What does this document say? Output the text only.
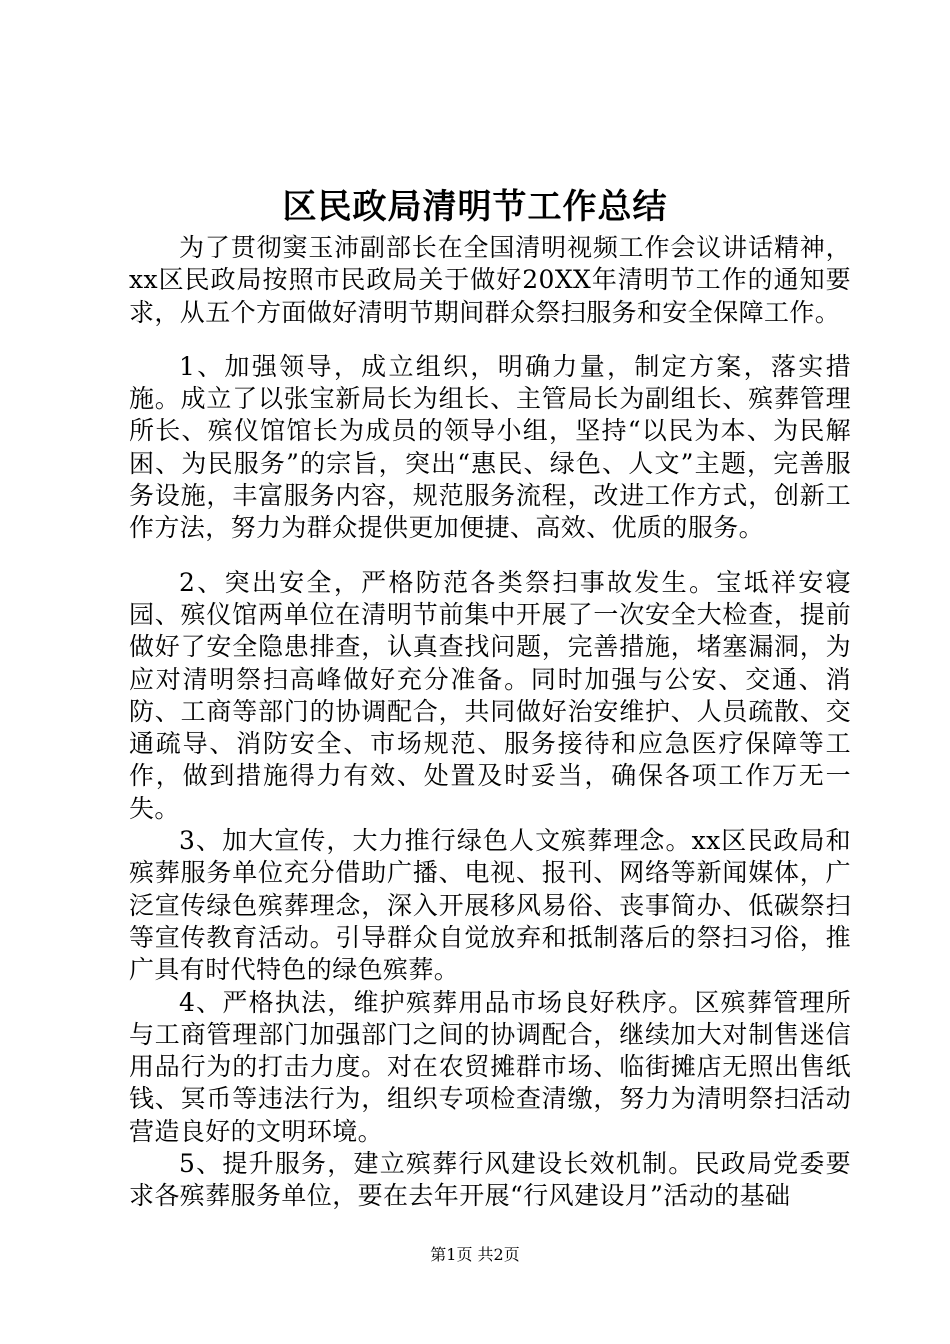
区民政局清明节工作总结

为了贯彻窦玉沛副部长在全国清明视频工作会议讲话精神，xx区民政局按照市民政局关于做好20XX年清明节工作的通知要求，从五个方面做好清明节期间群众祭扫服务和安全保障工作。

1、加强领导，成立组织，明确力量，制定方案，落实措施。成立了以张宝新局长为组长、主管局长为副组长、殡葬管理所长、殡仪馆馆长为成员的领导小组，坚持“以民为本、为民解困、为民服务”的宗旨，突出“惠民、绿色、人文”主题，完善服务设施，丰富服务内容，规范服务流程，改进工作方式，创新工作方法，努力为群众提供更加便捷、高效、优质的服务。

2、突出安全，严格防范各类祭扫事故发生。宝坻祥安寝园、殡仪馆两单位在清明节前集中开展了一次安全大检查，提前做好了安全隐患排查，认真查找问题，完善措施，堵塞漏洞，为应对清明祭扫高峰做好充分准备。同时加强与公安、交通、消防、工商等部门的协调配合，共同做好治安维护、人员疏散、交通疏导、消防安全、市场规范、服务接待和应急医疗保障等工作，做到措施得力有效、处置及时妥当，确保各项工作万无一失。

3、加大宣传，大力推行绿色人文殡葬理念。xx区民政局和殡葬服务单位充分借助广播、电视、报刊、网络等新闻媒体，广泛宣传绿色殡葬理念，深入开展移风易俗、丧事简办、低碳祭扫等宣传教育活动。引导群众自觉放弃和抵制落后的祭扫习俗，推广具有时代特色的绿色殡葬。

4、严格执法，维护殡葬用品市场良好秩序。区殡葬管理所与工商管理部门加强部门之间的协调配合，继续加大对制售迷信用品行为的打击力度。对在农贸摊群市场、临街摊店无照出售纸钱、冥币等违法行为，组织专项检查清缴，努力为清明祭扫活动营造良好的文明环境。

5、提升服务，建立殡葬行风建设长效机制。民政局党委要求各殡葬服务单位，要在去年开展“行风建设月”活动的基础

第1页 共2页
